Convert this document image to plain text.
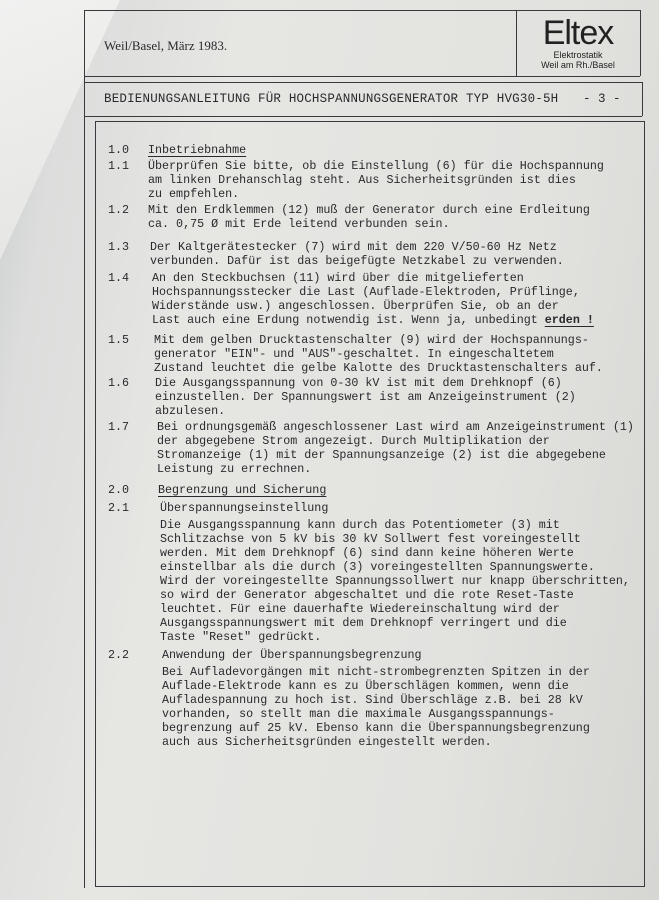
Weil/Basel, März 1983.	Eltex
Elektrostatik
Weil am Rh./Basel
BEDIENUNGSANLEITUNG FÜR HOCHSPANNUNGSGENERATOR TYP HVG30-5H - 3 -
1.0 Inbetriebnahme
1.1 Überprüfen Sie bitte, ob die Einstellung (6) für die Hochspannung
am linken Drehanschlag steht. Aus Sicherheitsgründen ist dies
zu empfehlen.
1.2 Mit den Erdklemmen (12) muß der Generator durch eine Erdleitung
ca. 0,75 Ø mit Erde leitend verbunden sein.
1.3 Der Kaltgerätestecker (7) wird mit dem 220 V/50-60 Hz Netz
verbunden. Dafür ist das beigefügte Netzkabel zu verwenden.
1.4 An den Steckbuchsen (11) wird über die mitgelieferten
Hochspannungsstecker die Last (Auflade-Elektroden, Prüflinge,
Widerstände usw.) angeschlossen. Überprüfen Sie, ob an der
Last auch eine Erdung notwendig ist. Wenn ja, unbedingt erden !
1.5 Mit dem gelben Drucktastenschalter (9) wird der Hochspannungs-
generator "EIN"- und "AUS"-geschaltet. In eingeschaltetem
Zustand leuchtet die gelbe Kalotte des Drucktastenschalters auf.
1.6 Die Ausgangsspannung von 0-30 kV ist mit dem Drehknopf (6)
einzustellen. Der Spannungswert ist am Anzeigeinstrument (2)
abzulesen.
1.7 Bei ordnungsgemäß angeschlossener Last wird am Anzeigeinstrument (1)
der abgegebene Strom angezeigt. Durch Multiplikation der
Stromanzeige (1) mit der Spannungsanzeige (2) ist die abgegebene
Leistung zu errechnen.
2.0 Begrenzung und Sicherung
2.1	Überspannungseinstellung
Die Ausgangsspannung kann durch das Potentiometer (3) mit
Schlitzachse von 5 kV bis 30 kV Sollwert fest voreingestellt
werden. Mit dem Drehknopf (6) sind dann keine höheren Werte
einstellbar als die durch (3) voreingestellten Spannungswerte.
Wird der voreingestellte Spannungssollwert nur knapp überschritten,
so wird der Generator abgeschaltet und die rote Reset-Taste
leuchtet. Für eine dauerhafte Wiedereinschaltung wird der
Ausgangsspannungswert mit dem Drehknopf verringert und die
Taste "Reset" gedrückt.
2.2	Anwendung der Überspannungsbegrenzung
Bei Aufladevorgängen mit nicht-strombegrenzten Spitzen in der
Auflade-Elektrode kann es zu Überschlägen kommen, wenn die
Aufladespannung zu hoch ist. Sind Überschläge z.B. bei 28 kV
vorhanden, so stellt man die maximale Ausgangsspannungs-
begrenzung auf 25 kV. Ebenso kann die Überspannungsbegrenzung
auch aus Sicherheitsgründen eingestellt werden.
